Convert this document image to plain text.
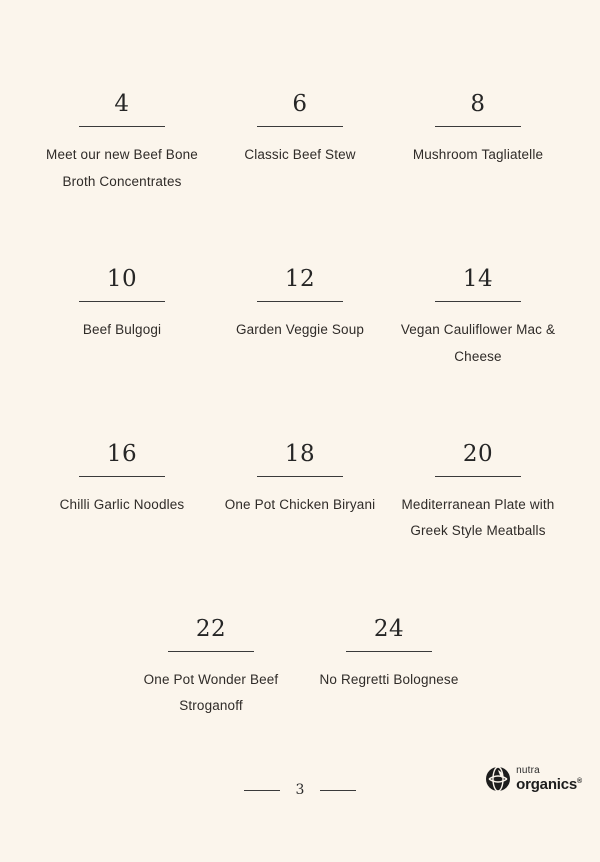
4
Meet our new Beef Bone Broth Concentrates
6
Classic Beef Stew
8
Mushroom Tagliatelle
10
Beef Bulgogi
12
Garden Veggie Soup
14
Vegan Cauliflower Mac & Cheese
16
Chilli Garlic Noodles
18
One Pot Chicken Biryani
20
Mediterranean Plate with Greek Style Meatballs
22
One Pot Wonder Beef Stroganoff
24
No Regretti Bolognese
3
nutra
organics®
